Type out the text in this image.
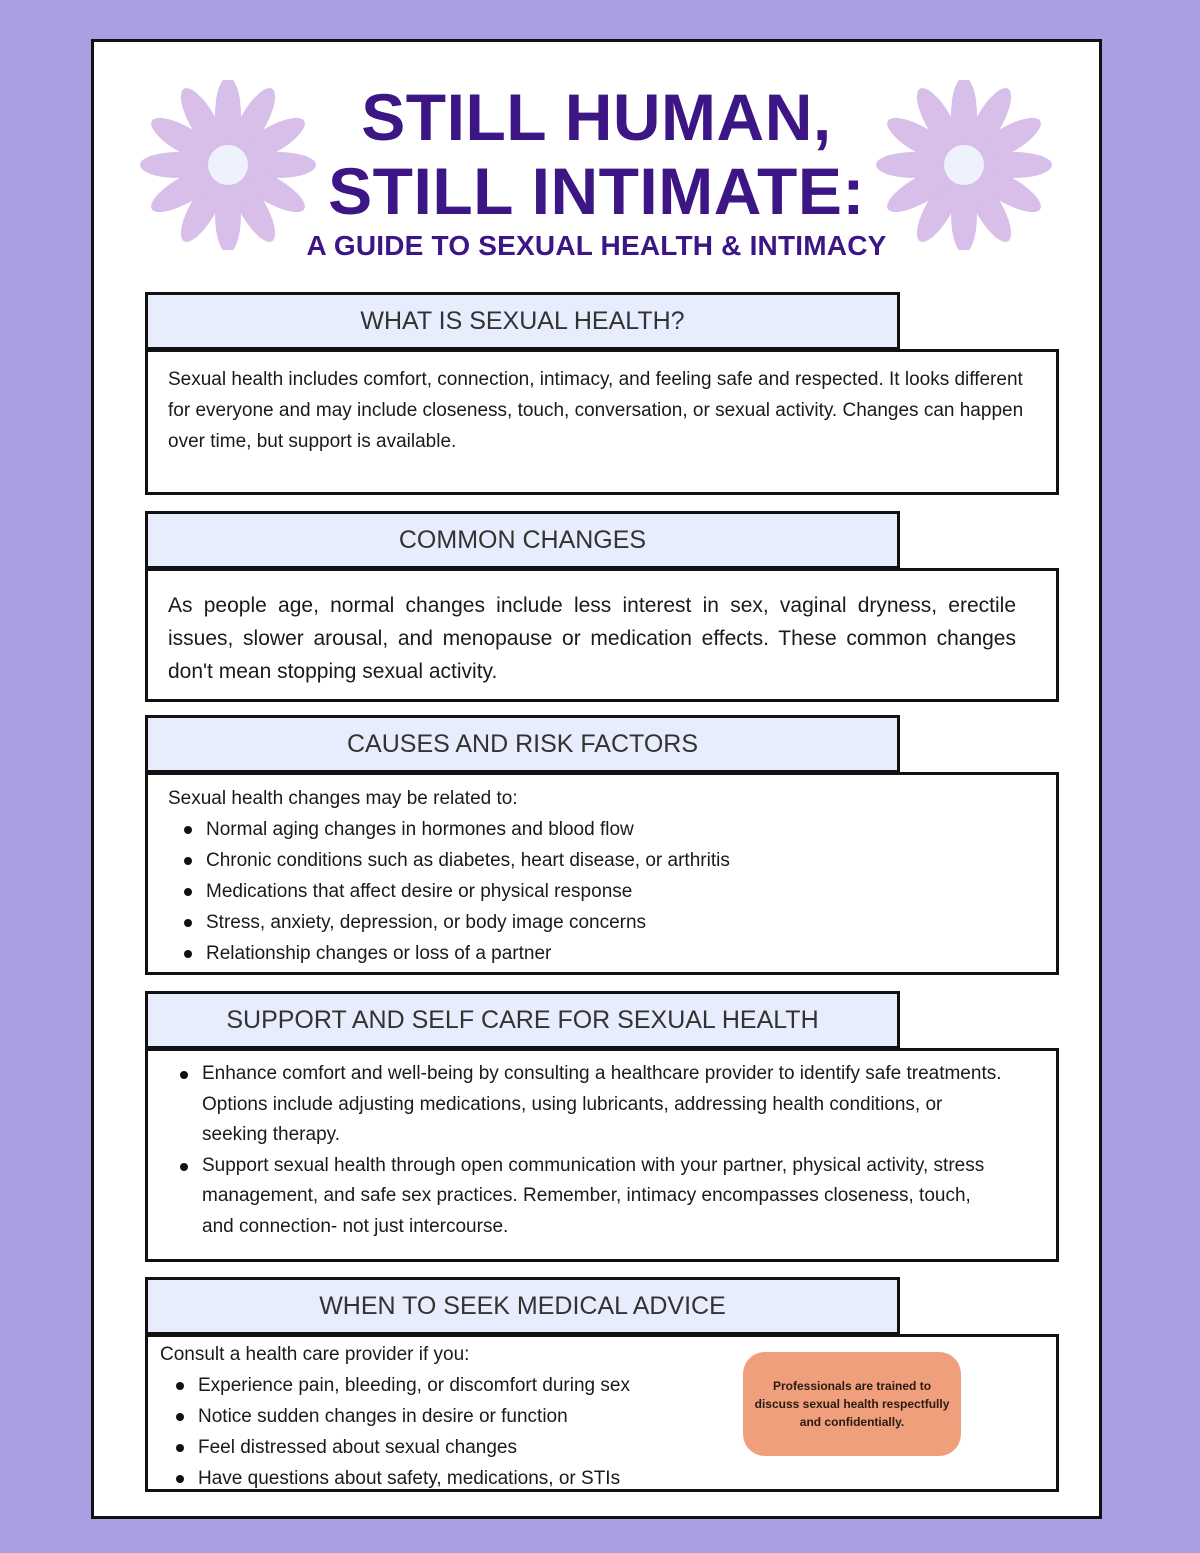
STILL HUMAN,
STILL INTIMATE:
A GUIDE TO SEXUAL HEALTH & INTIMACY
WHAT IS SEXUAL HEALTH?

Sexual health includes comfort, connection, intimacy, and feeling safe and respected. It looks different for everyone and may include closeness, touch, conversation, or sexual activity. Changes can happen over time, but support is available.

COMMON CHANGES

As people age, normal changes include less interest in sex, vaginal dryness, erectile issues, slower arousal, and menopause or medication effects. These common changes don't mean stopping sexual activity.

CAUSES AND RISK FACTORS

Sexual health changes may be related to:

Normal aging changes in hormones and blood flow
Chronic conditions such as diabetes, heart disease, or arthritis
Medications that affect desire or physical response
Stress, anxiety, depression, or body image concerns
Relationship changes or loss of a partner
SUPPORT AND SELF CARE FOR SEXUAL HEALTH
Enhance comfort and well-being by consulting a healthcare provider to identify safe treatments. Options include adjusting medications, using lubricants, addressing health conditions, or seeking therapy.
Support sexual health through open communication with your partner, physical activity, stress management, and safe sex practices. Remember, intimacy encompasses closeness, touch, and connection- not just intercourse.
WHEN TO SEEK MEDICAL ADVICE

Consult a health care provider if you:

Experience pain, bleeding, or discomfort during sex
Notice sudden changes in desire or function
Feel distressed about sexual changes
Have questions about safety, medications, or STIs
Professionals are trained to discuss sexual health respectfully and confidentially.
